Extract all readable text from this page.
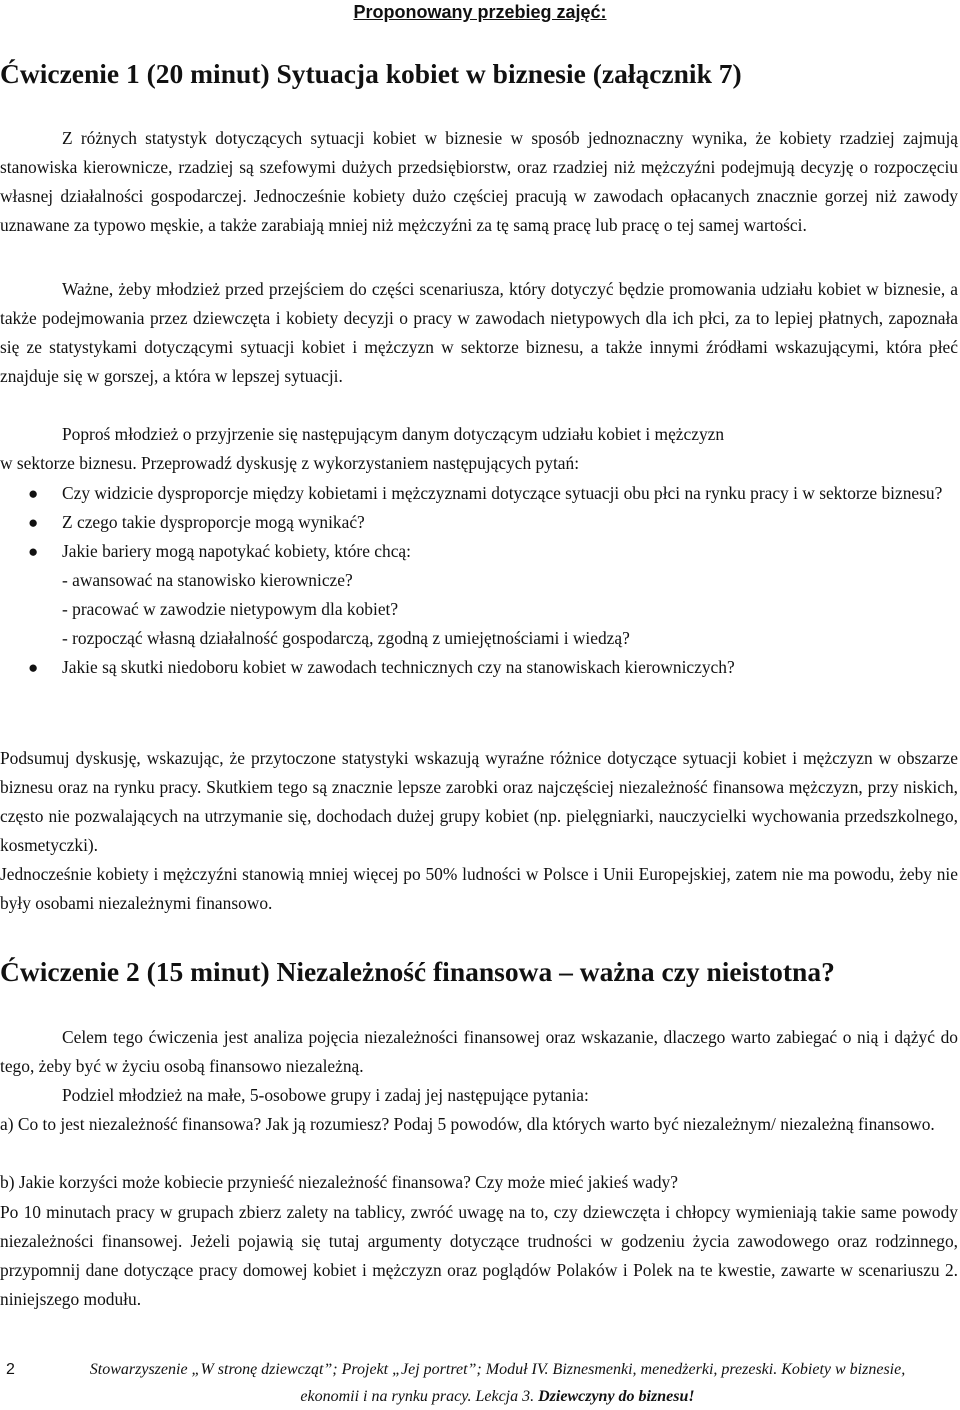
Proponowany przebieg zajęć:
Ćwiczenie 1 (20 minut) Sytuacja kobiet w biznesie (załącznik 7)
Z różnych statystyk dotyczących sytuacji kobiet w biznesie w sposób jednoznaczny wynika, że kobiety rzadziej zajmują stanowiska kierownicze, rzadziej są szefowymi dużych przedsiębiorstw, oraz rzadziej niż mężczyźni podejmują decyzję o rozpoczęciu własnej działalności gospodarczej. Jednocześnie kobiety dużo częściej pracują w zawodach opłacanych znacznie gorzej niż zawody uznawane za typowo męskie, a także zarabiają mniej niż mężczyźni za tę samą pracę lub pracę o tej samej wartości.
Ważne, żeby młodzież przed przejściem do części scenariusza, który dotyczyć będzie promowania udziału kobiet w biznesie, a także podejmowania przez dziewczęta i kobiety decyzji o pracy w zawodach nietypowych dla ich płci, za to lepiej płatnych, zapoznała się ze statystykami dotyczącymi sytuacji kobiet i mężczyzn w sektorze biznesu, a także innymi źródłami wskazującymi, która płeć znajduje się w gorszej, a która w lepszej sytuacji.
Poproś młodzież o przyjrzenie się następującym danym dotyczącym udziału kobiet i mężczyzn
w sektorze biznesu. Przeprowadź dyskusję z wykorzystaniem następujących pytań:
● Czy widzicie dysproporcje między kobietami i mężczyznami dotyczące sytuacji obu płci na rynku pracy i w sektorze biznesu?
● Z czego takie dysproporcje mogą wynikać?
● Jakie bariery mogą napotykać kobiety, które chcą:
- awansować na stanowisko kierownicze?
- pracować w zawodzie nietypowym dla kobiet?
- rozpocząć własną działalność gospodarczą, zgodną z umiejętnościami i wiedzą?
● Jakie są skutki niedoboru kobiet w zawodach technicznych czy na stanowiskach kierowniczych?
Podsumuj dyskusję, wskazując, że przytoczone statystyki wskazują wyraźne różnice dotyczące sytuacji kobiet i mężczyzn w obszarze biznesu oraz na rynku pracy. Skutkiem tego są znacznie lepsze zarobki oraz najczęściej niezależność finansowa mężczyzn, przy niskich, często nie pozwalających na utrzymanie się, dochodach dużej grupy kobiet (np. pielęgniarki, nauczycielki wychowania przedszkolnego, kosmetyczki).
Jednocześnie kobiety i mężczyźni stanowią mniej więcej po 50% ludności w Polsce i Unii Europejskiej, zatem nie ma powodu, żeby nie były osobami niezależnymi finansowo.
Ćwiczenie 2 (15 minut) Niezależność finansowa – ważna czy nieistotna?
Celem tego ćwiczenia jest analiza pojęcia niezależności finansowej oraz wskazanie, dlaczego warto zabiegać o nią i dążyć do tego, żeby być w życiu osobą finansowo niezależną.
Podziel młodzież na małe, 5-osobowe grupy i zadaj jej następujące pytania:
a) Co to jest niezależność finansowa? Jak ją rozumiesz? Podaj 5 powodów, dla których warto być niezależnym/ niezależną finansowo.
b) Jakie korzyści może kobiecie przynieść niezależność finansowa? Czy może mieć jakieś wady?
Po 10 minutach pracy w grupach zbierz zalety na tablicy, zwróć uwagę na to, czy dziewczęta i chłopcy wymieniają takie same powody niezależności finansowej. Jeżeli pojawią się tutaj argumenty dotyczące trudności w godzeniu życia zawodowego oraz rodzinnego, przypomnij dane dotyczące pracy domowej kobiet i mężczyzn oraz poglądów Polaków i Polek na te kwestie, zawarte w scenariuszu 2. niniejszego modułu.
2	Stowarzyszenie „W stronę dziewcząt”; Projekt „Jej portret”; Moduł IV. Biznesmenki, menedżerki, prezeski. Kobiety w biznesie, ekonomii i na rynku pracy. Lekcja 3. Dziewczyny do biznesu!
